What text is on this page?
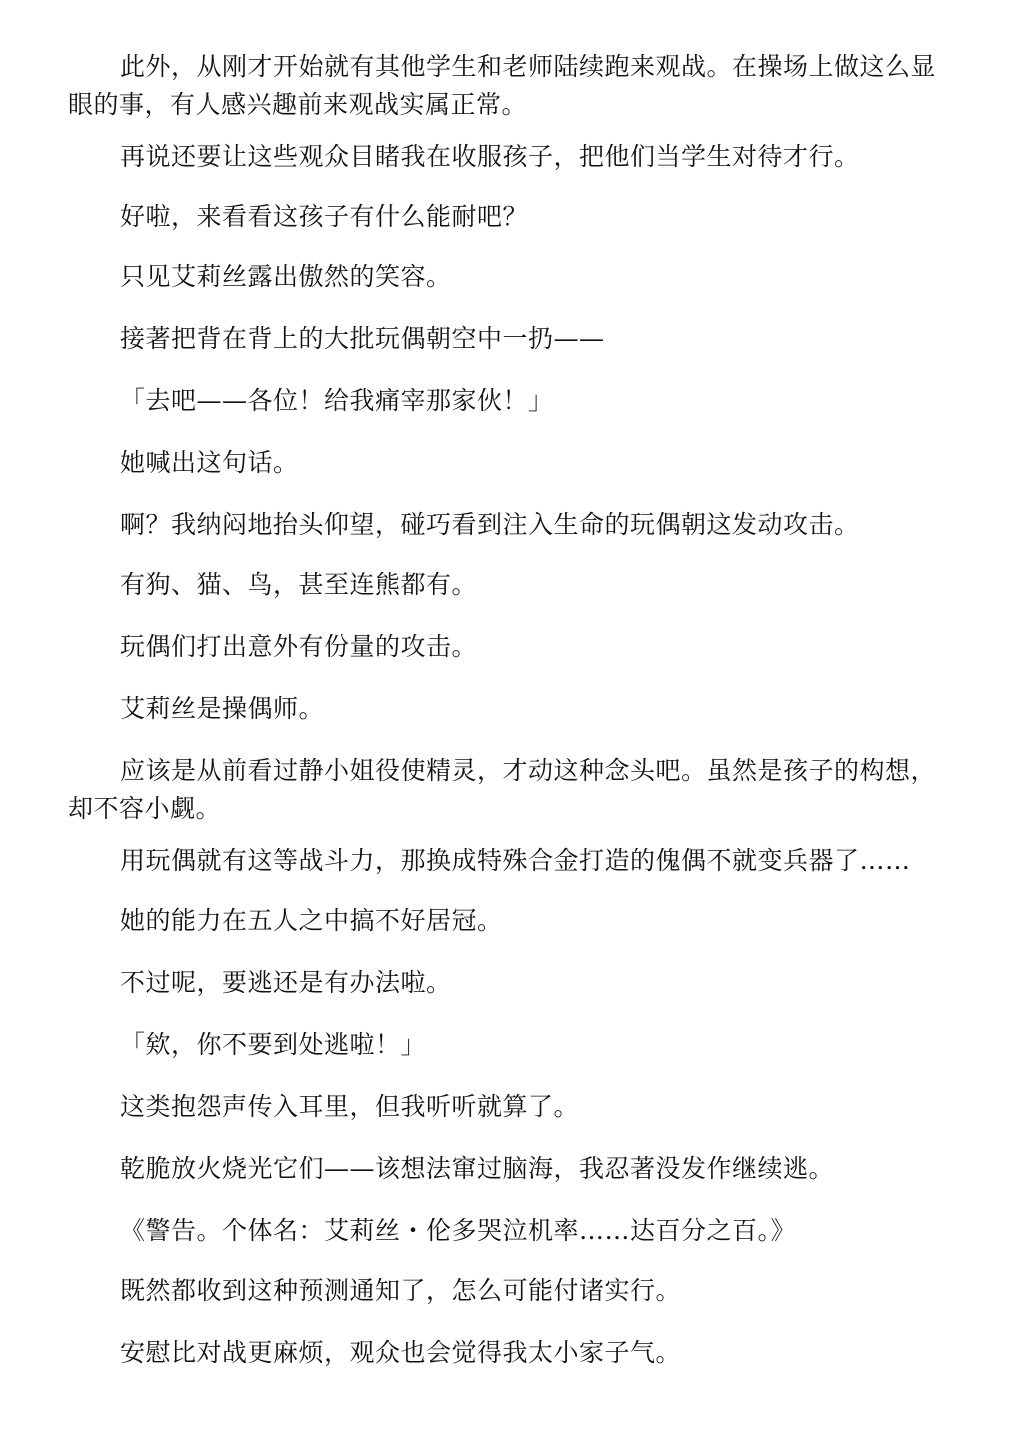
此外，从刚才开始就有其他学生和老师陆续跑来观战。在操场上做这么显眼的事，有人感兴趣前来观战实属正常。

再说还要让这些观众目睹我在收服孩子，把他们当学生对待才行。

好啦，来看看这孩子有什么能耐吧？

只见艾莉丝露出傲然的笑容。

接著把背在背上的大批玩偶朝空中一扔——

「去吧——各位！给我痛宰那家伙！」

她喊出这句话。

啊？我纳闷地抬头仰望，碰巧看到注入生命的玩偶朝这发动攻击。

有狗、猫、鸟，甚至连熊都有。

玩偶们打出意外有份量的攻击。

艾莉丝是操偶师。

应该是从前看过静小姐役使精灵，才动这种念头吧。虽然是孩子的构想，却不容小觑。

用玩偶就有这等战斗力，那换成特殊合金打造的傀偶不就变兵器了……

她的能力在五人之中搞不好居冠。

不过呢，要逃还是有办法啦。

「欸，你不要到处逃啦！」

这类抱怨声传入耳里，但我听听就算了。

乾脆放火烧光它们——该想法窜过脑海，我忍著没发作继续逃。

《警告。个体名：艾莉丝・伦多哭泣机率……达百分之百。》

既然都收到这种预测通知了，怎么可能付诸实行。

安慰比对战更麻烦，观众也会觉得我太小家子气。
